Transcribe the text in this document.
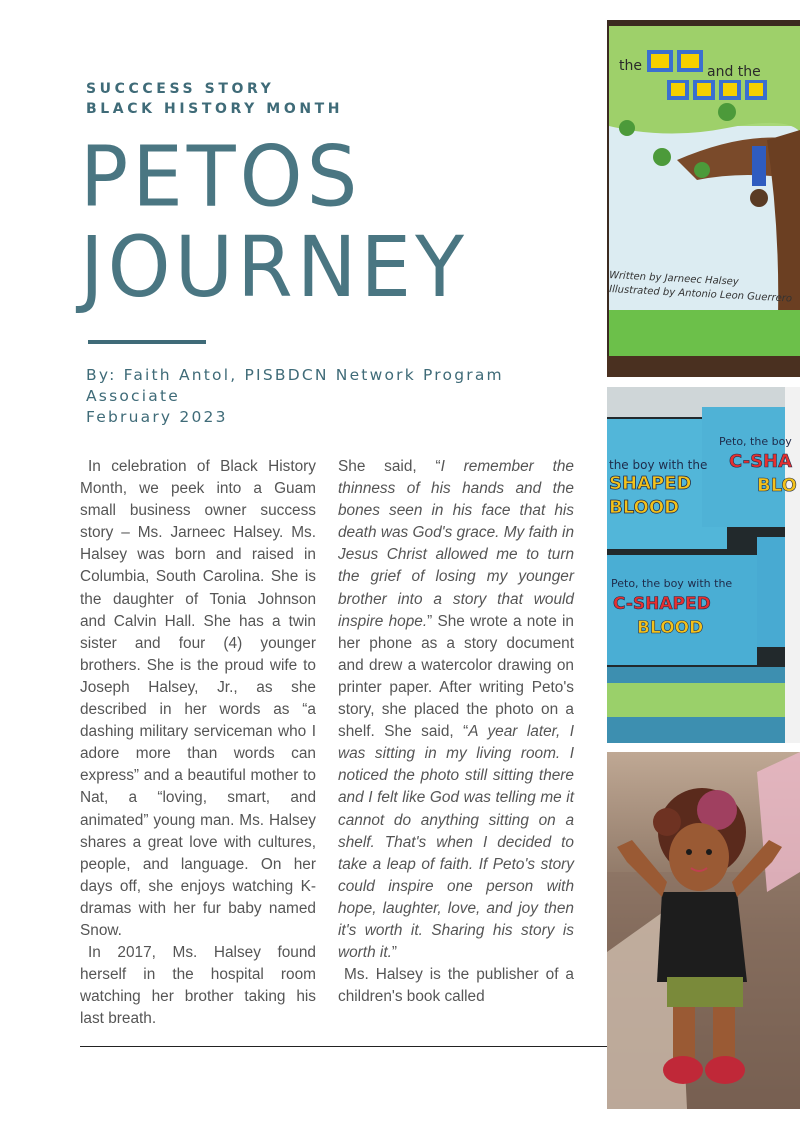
SUCCCESS STORY
BLACK HISTORY MONTH
PETOS
JOURNEY
By: Faith Antol, PISBDCN Network Program
Associate
February 2023

In celebration of Black History Month, we peek into a Guam small business owner success story – Ms. Jarneec Halsey. Ms. Halsey was born and raised in Columbia, South Carolina. She is the daughter of Tonia Johnson and Calvin Hall. She has a twin sister and four (4) younger brothers. She is the proud wife to Joseph Halsey, Jr., as she described in her words as “a dashing military serviceman who I adore more than words can express” and a beautiful mother to Nat, a “loving, smart, and animated” young man. Ms. Halsey shares a great love with cultures, people, and language. On her days off, she enjoys watching K-dramas with her fur baby named Snow.

In 2017, Ms. Halsey found herself in the hospital room watching her brother taking his last breath.

She said, “I remember the thinness of his hands and the bones seen in his face that his death was God's grace. My faith in Jesus Christ allowed me to turn the grief of losing my younger brother into a story that would inspire hope.” She wrote a note in her phone as a story document and drew a watercolor drawing on printer paper. After writing Peto's story, she placed the photo on a shelf. She said, “A year later, I was sitting in my living room. I noticed the photo still sitting there and I felt like God was telling me it cannot do anything sitting on a shelf. That's when I decided to take a leap of faith. If Peto's story could inspire one person with hope, laughter, love, and joy then it's worth it. Sharing his story is worth it.”

Ms. Halsey is the publisher of a children's book called

the	and the
Written by Jarneec Halsey
Illustrated by Antonio Leon Guerrero
the boy with the
SHAPED
BLOOD
Peto, the boy
C-SHA
BLO
Peto, the boy with the
C-SHAPED
BLOOD
